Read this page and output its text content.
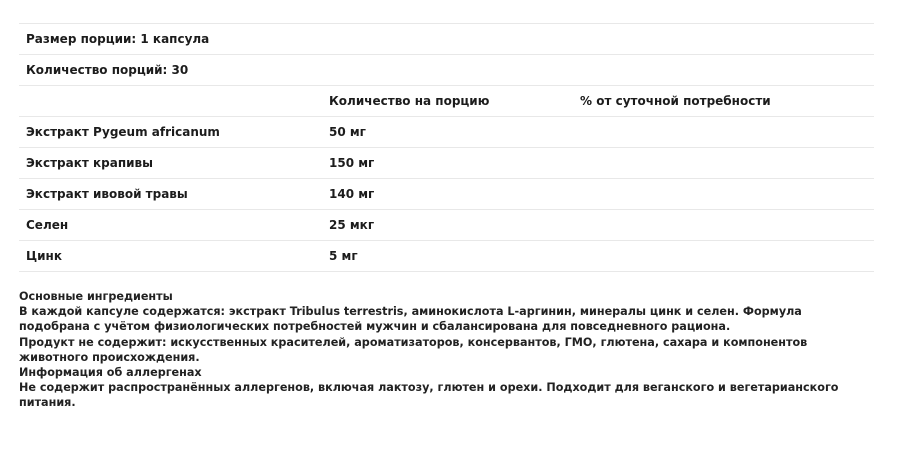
Размер порции: 1 капсула		
Количество порций: 30		
	Количество на порцию	% от суточной потребности
Экстракт Pygeum africanum	50 мг	
Экстракт крапивы	150 мг	
Экстракт ивовой травы	140 мг	
Селен	25 мкг	
Цинк	5 мг	

Основные ингредиенты

В каждой капсуле содержатся: экстракт Tribulus terrestris, аминокислота L-аргинин, минералы цинк и селен. Формула

подобрана с учётом физиологических потребностей мужчин и сбалансирована для повседневного рациона.

Продукт не содержит: искусственных красителей, ароматизаторов, консервантов, ГМО, глютена, сахара и компонентов

животного происхождения.

Информация об аллергенах

Не содержит распространённых аллергенов, включая лактозу, глютен и орехи. Подходит для веганского и вегетарианского

питания.
